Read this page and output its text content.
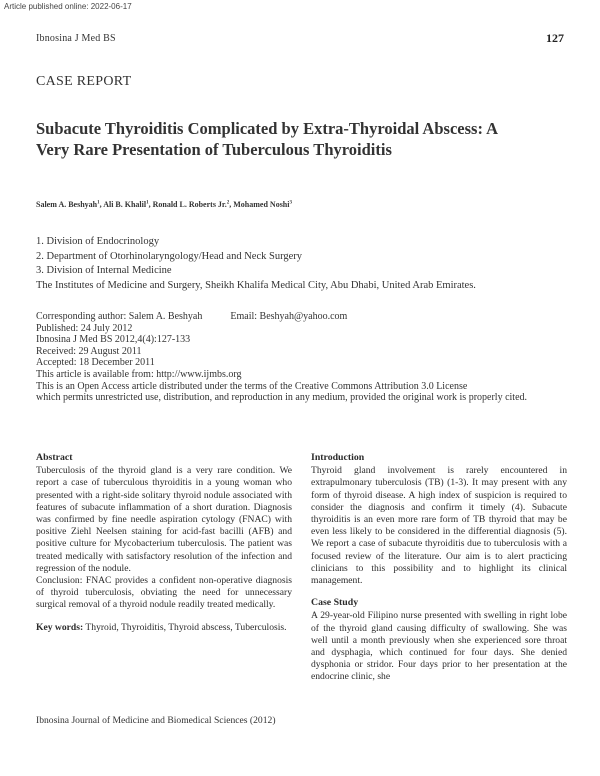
Article published online: 2022-06-17
Ibnosina J Med BS	127
CASE REPORT
Subacute Thyroiditis Complicated by Extra-Thyroidal Abscess: A
Very Rare Presentation of Tuberculous Thyroiditis
Salem A. Beshyah$^1$, Ali B. Khalil$^1$, Ronald L. Roberts Jr.$^2$, Mohamed Noshi$^3$
1. Division of Endocrinology
2. Department of Otorhinolaryngology/Head and Neck Surgery
3. Division of Internal Medicine
The Institutes of Medicine and Surgery, Sheikh Khalifa Medical City, Abu Dhabi, United Arab Emirates.
Corresponding author: Salem A. Beshyah	Email: Beshyah@yahoo.com
Published: 24 July 2012
Ibnosina J Med BS 2012,4(4):127-133
Received: 29 August 2011
Accepted: 18 December 2011
This article is available from: http://www.ijmbs.org
This is an Open Access article distributed under the terms of the Creative Commons Attribution 3.0 License
which permits unrestricted use, distribution, and reproduction in any medium, provided the original work is properly cited.
Abstract
Tuberculosis of the thyroid gland is a very rare condition. We report a case of tuberculous thyroiditis in a young woman who presented with a right-side solitary thyroid nodule associated with features of subacute inflammation of a short duration. Diagnosis was confirmed by fine needle aspiration cytology (FNAC) with positive Ziehl Neelsen staining for acid-fast bacilli (AFB) and positive culture for Mycobacterium tuberculosis. The patient was treated medically with satisfactory resolution of the infection and regression of the nodule.
Conclusion: FNAC provides a confident non-operative diagnosis of thyroid tuberculosis, obviating the need for unnecessary surgical removal of a thyroid nodule readily treated medically.
Key words: Thyroid, Thyroiditis, Thyroid abscess, Tuberculosis.
Introduction
Thyroid gland involvement is rarely encountered in extrapulmonary tuberculosis (TB) (1-3). It may present with any form of thyroid disease. A high index of suspicion is required to consider the diagnosis and confirm it timely (4). Subacute thyroiditis is an even more rare form of TB thyroid that may be even less likely to be considered in the differential diagnosis (5). We report a case of subacute thyroiditis due to tuberculosis with a focused review of the literature. Our aim is to alert practicing clinicians to this possibility and to highlight its clinical management.
Case Study
A 29-year-old Filipino nurse presented with swelling in right lobe of the thyroid gland causing difficulty of swallowing. She was well until a month previously when she experienced sore throat and dysphagia, which continued for four days. She denied dysphonia or stridor. Four days prior to her presentation at the endocrine clinic, she
Ibnosina Journal of Medicine and Biomedical Sciences (2012)
